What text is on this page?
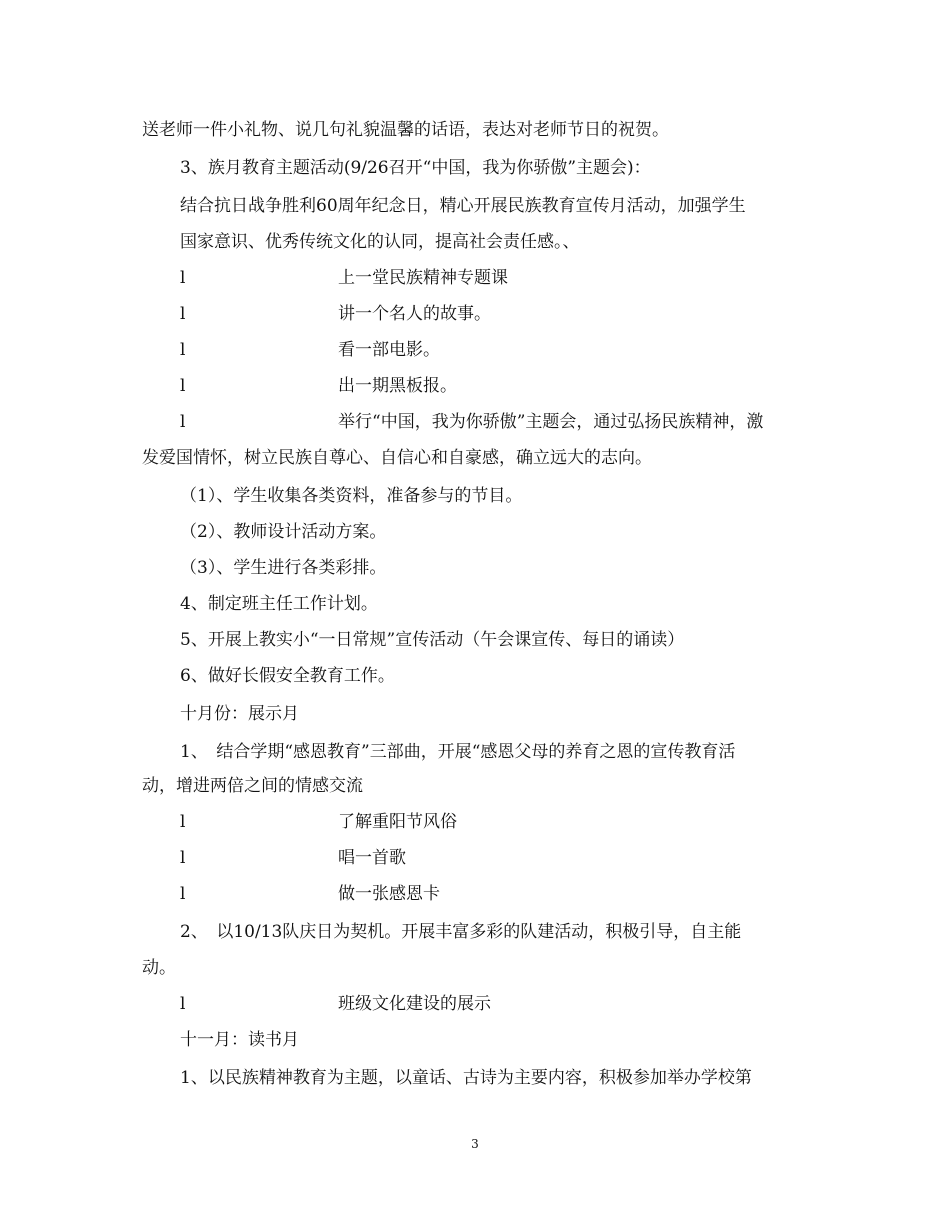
送老师一件小礼物、说几句礼貌温馨的话语，表达对老师节日的祝贺。
3、族月教育主题活动(9/26召开“中国，我为你骄傲”主题会)：
结合抗日战争胜利60周年纪念日，精心开展民族教育宣传月活动，加强学生
国家意识、优秀传统文化的认同，提高社会责任感。、
l	上一堂民族精神专题课
l	讲一个名人的故事。
l	看一部电影。
l	出一期黑板报。
l	举行“中国，我为你骄傲”主题会，通过弘扬民族精神，激
发爱国情怀，树立民族自尊心、自信心和自豪感，确立远大的志向。
（1）、学生收集各类资料，准备参与的节目。
（2）、教师设计活动方案。
（3）、学生进行各类彩排。
4、制定班主任工作计划。
5、开展上教实小“一日常规”宣传活动（午会课宣传、每日的诵读）
6、做好长假安全教育工作。
十月份：展示月
1、　结合学期“感恩教育”三部曲，开展“感恩父母的养育之恩的宣传教育活
动，增进两倍之间的情感交流
l	了解重阳节风俗
l	唱一首歌
l	做一张感恩卡
2、　以10/13队庆日为契机。开展丰富多彩的队建活动，积极引导，自主能
动。
l	班级文化建设的展示
十一月：读书月
1、以民族精神教育为主题，以童话、古诗为主要内容，积极参加举办学校第
3
